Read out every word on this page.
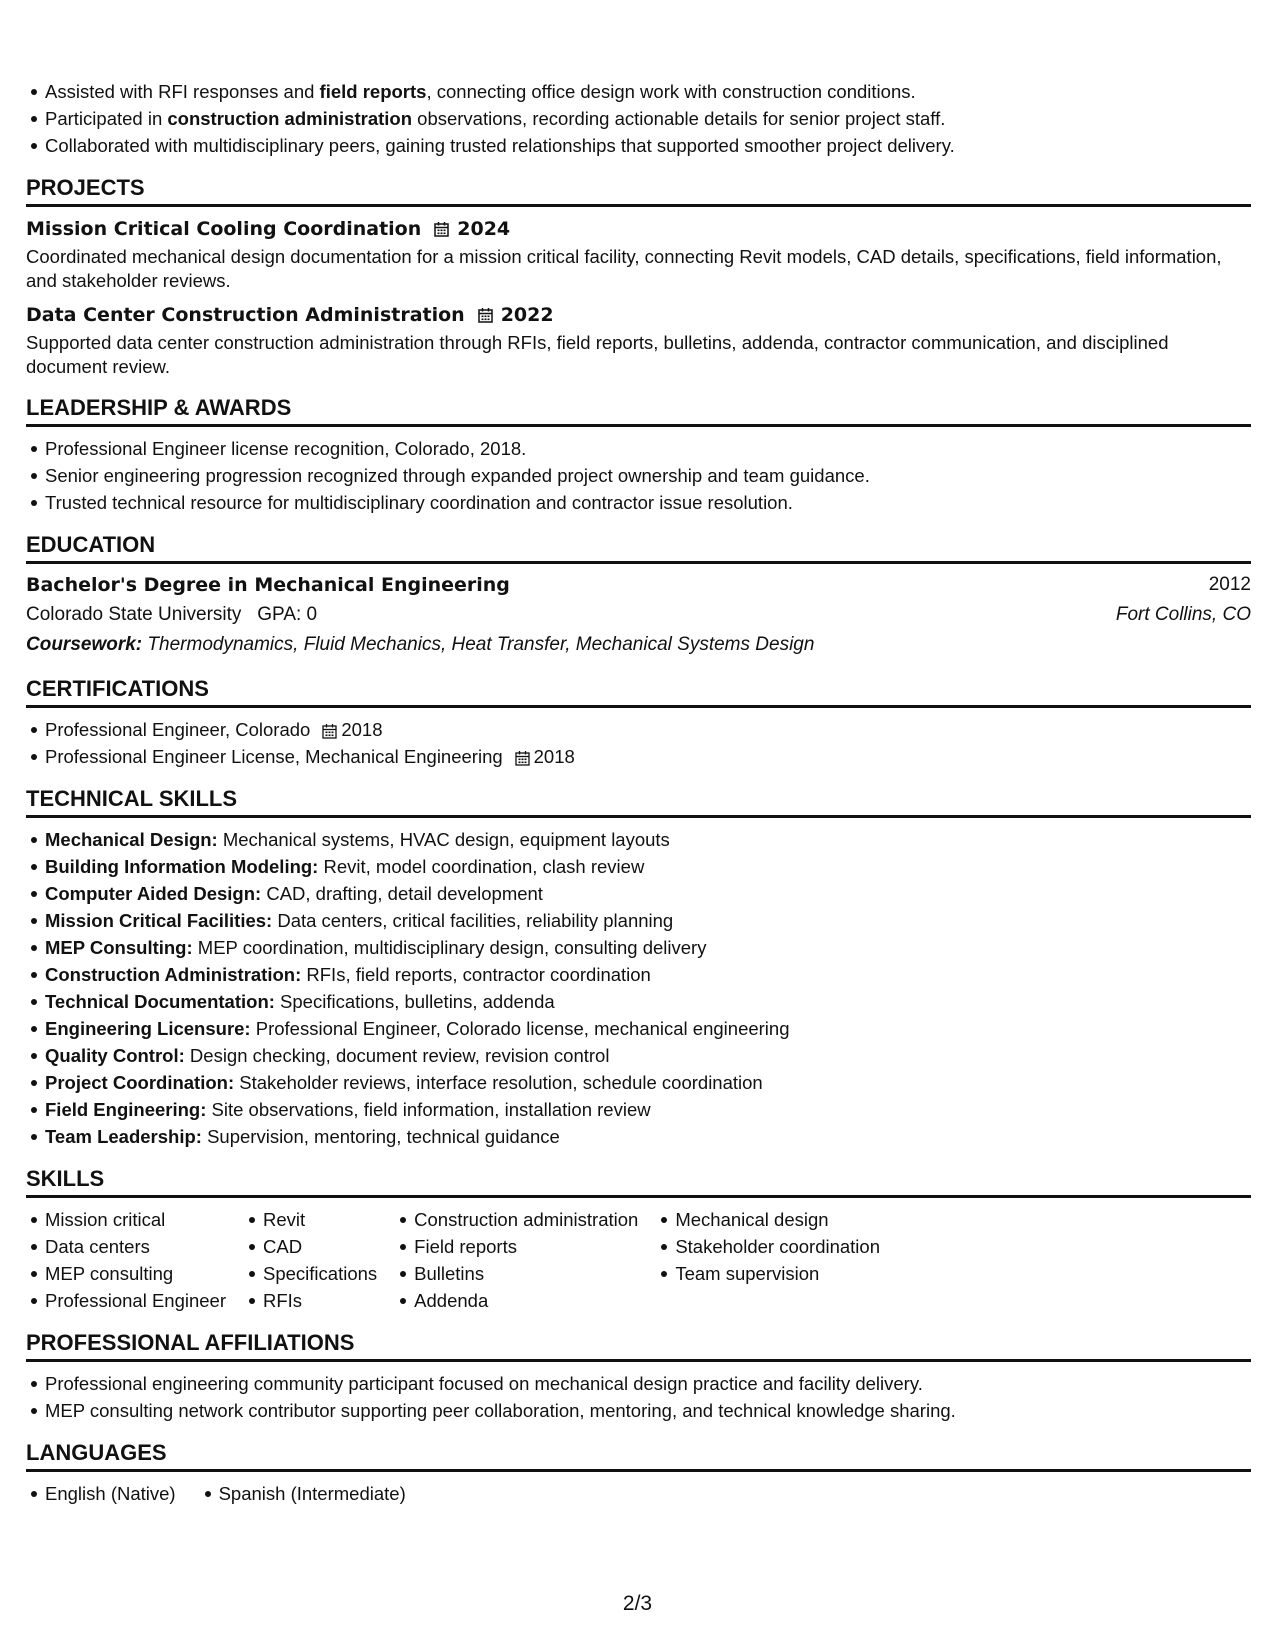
Assisted with RFI responses and field reports, connecting office design work with construction conditions.
Participated in construction administration observations, recording actionable details for senior project staff.
Collaborated with multidisciplinary peers, gaining trusted relationships that supported smoother project delivery.
PROJECTS
Mission Critical Cooling Coordination 2024
Coordinated mechanical design documentation for a mission critical facility, connecting Revit models, CAD details, specifications, field information, and stakeholder reviews.
Data Center Construction Administration 2022
Supported data center construction administration through RFIs, field reports, bulletins, addenda, contractor communication, and disciplined document review.
LEADERSHIP & AWARDS
Professional Engineer license recognition, Colorado, 2018.
Senior engineering progression recognized through expanded project ownership and team guidance.
Trusted technical resource for multidisciplinary coordination and contractor issue resolution.
EDUCATION
Bachelor's Degree in Mechanical Engineering	2012
Colorado State University GPA: 0	Fort Collins, CO
Coursework: Thermodynamics, Fluid Mechanics, Heat Transfer, Mechanical Systems Design
CERTIFICATIONS
Professional Engineer, Colorado 2018
Professional Engineer License, Mechanical Engineering 2018
TECHNICAL SKILLS
Mechanical Design: Mechanical systems, HVAC design, equipment layouts
Building Information Modeling: Revit, model coordination, clash review
Computer Aided Design: CAD, drafting, detail development
Mission Critical Facilities: Data centers, critical facilities, reliability planning
MEP Consulting: MEP coordination, multidisciplinary design, consulting delivery
Construction Administration: RFIs, field reports, contractor coordination
Technical Documentation: Specifications, bulletins, addenda
Engineering Licensure: Professional Engineer, Colorado license, mechanical engineering
Quality Control: Design checking, document review, revision control
Project Coordination: Stakeholder reviews, interface resolution, schedule coordination
Field Engineering: Site observations, field information, installation review
Team Leadership: Supervision, mentoring, technical guidance
SKILLS
Mission critical
Data centers
MEP consulting
Professional Engineer
Revit
CAD
Specifications
RFIs
Construction administration
Field reports
Bulletins
Addenda
Mechanical design
Stakeholder coordination
Team supervision
PROFESSIONAL AFFILIATIONS
Professional engineering community participant focused on mechanical design practice and facility delivery.
MEP consulting network contributor supporting peer collaboration, mentoring, and technical knowledge sharing.
LANGUAGES
English (Native)	Spanish (Intermediate)
2/3
